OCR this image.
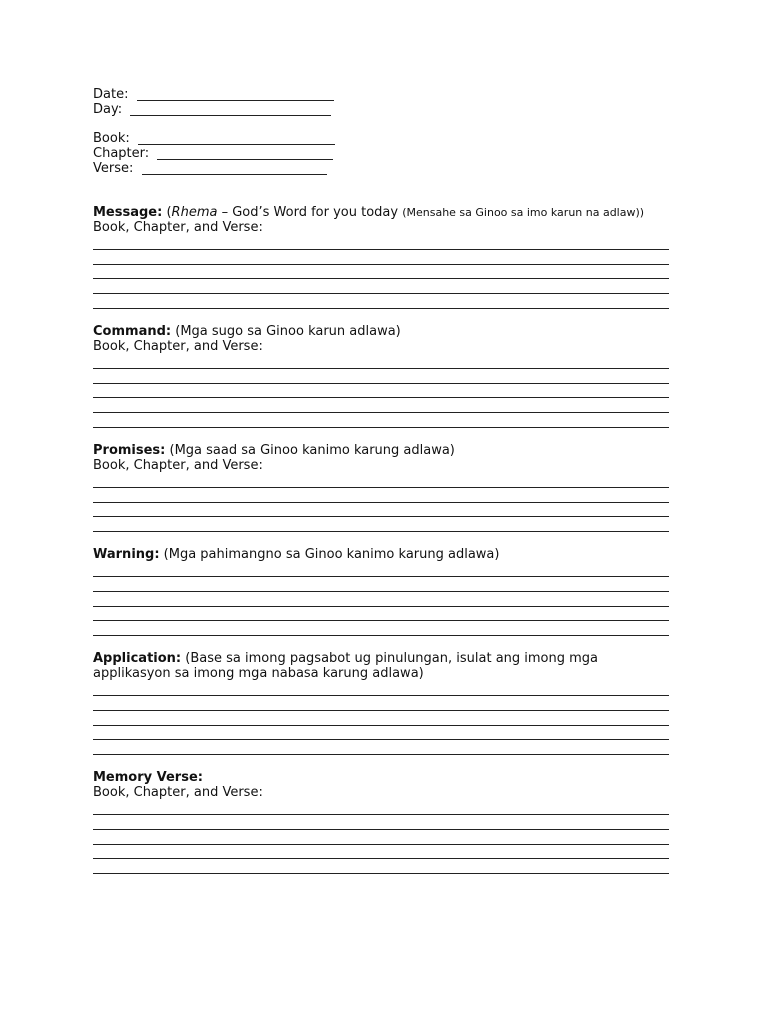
Date:
Day:
Book:
Chapter:
Verse:
Message: (Rhema – God’s Word for you today (Mensahe sa Ginoo sa imo karun na adlaw))
Book, Chapter, and Verse:
Command: (Mga sugo sa Ginoo karun adlawa)
Book, Chapter, and Verse:
Promises: (Mga saad sa Ginoo kanimo karung adlawa)
Book, Chapter, and Verse:
Warning: (Mga pahimangno sa Ginoo kanimo karung adlawa)
Application: (Base sa imong pagsabot ug pinulungan, isulat ang imong mga
applikasyon sa imong mga nabasa karung adlawa)
Memory Verse:
Book, Chapter, and Verse:
